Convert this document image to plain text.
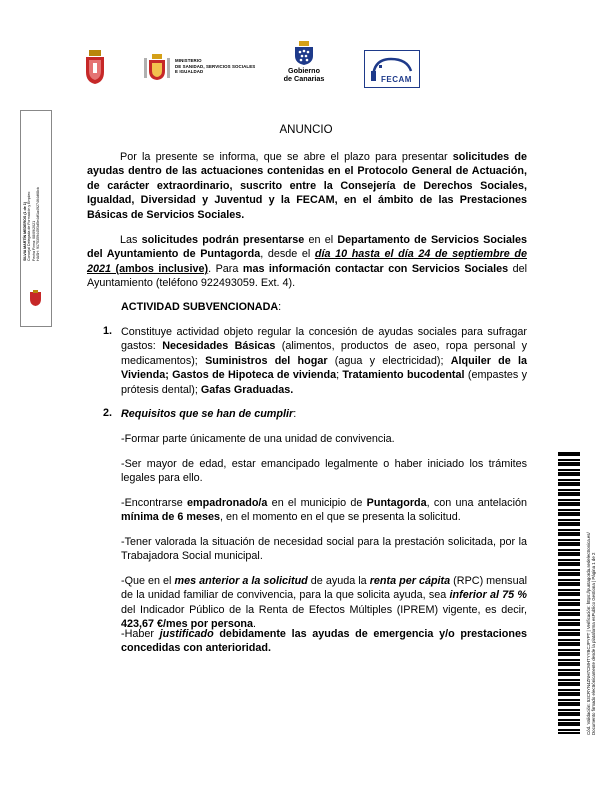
MINISTERIO
DE SANIDAD, SERVICIOS SOCIALES
E IGUALDAD	Gobierno
de Canarias	FECAM
SILVIA MARTÍN MEDEROS (1 de 1) Concejal Delegada de Formación y Empleo Fecha Firma: 08/09/2021 HASH: 9175359445f3d5e4df1a4927464d68cb
ANUNCIO

Por la presente se informa, que se abre el plazo para presentar solicitudes de ayudas dentro de las actuaciones contenidas en el Protocolo General de Actuación, de carácter extraordinario, suscrito entre la Consejería de Derechos Sociales, Igualdad, Diversidad y Juventud y la FECAM, en el ámbito de las Prestaciones Básicas de Servicios Sociales.

Las solicitudes podrán presentarse en el Departamento de Servicios Sociales del Ayuntamiento de Puntagorda, desde el día 10 hasta el día 24 de septiembre de 2021 (ambos inclusive). Para mas información contactar con Servicios Sociales del Ayuntamiento (teléfono 922493059. Ext. 4).

ACTIVIDAD SUBVENCIONADA:
1. Constituye actividad objeto regular la concesión de ayudas sociales para sufragar gastos: Necesidades Básicas (alimentos, productos de aseo, ropa personal y medicamentos); Suministros del hogar (agua y electricidad); Alquiler de la Vivienda; Gastos de Hipoteca de vivienda; Tratamiento bucodental (empastes y prótesis dental); Gafas Graduadas.

2. Requisitos que se han de cumplir:
-Formar parte únicamente de una unidad de convivencia.
-Ser mayor de edad, estar emancipado legalmente o haber iniciado los trámites legales para ello.

-Encontrarse empadronado/a en el municipio de Puntagorda, con una antelación mínima de 6 meses, en el momento en el que se presenta la solicitud.

-Tener valorada la situación de necesidad social para la prestación solicitada, por la Trabajadora Social municipal.

-Que en el mes anterior a la solicitud de ayuda la renta per cápita (RPC) mensual de la unidad familiar de convivencia, para la que solicita ayuda, sea inferior al 75 % del Indicador Público de la Renta de Efectos Múltiples (IPREM) vigente, es decir, 423,67 €/mes por persona.

-Haber justificado debidamente las ayudas de emergencia y/o prestaciones concedidas con anterioridad.	Cód. Validación: 53CRYN4ZNH7CMHTYYBCJPYPT | Verificación: https://puntagorda.sedelectronica.es/ Documento firmado electrónicamente desde la plataforma esPublico Gestiona | Página 1 de 2
